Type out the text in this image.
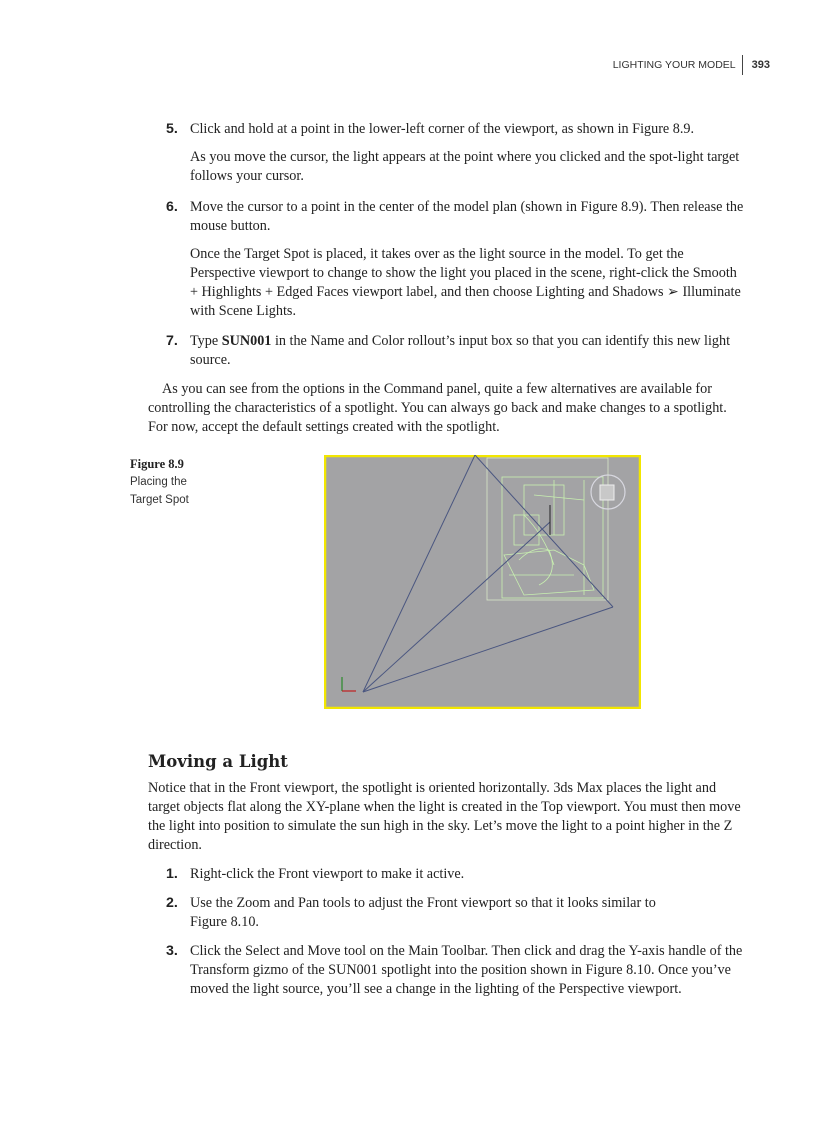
LIGHTING YOUR MODEL 393
5. Click and hold at a point in the lower-left corner of the viewport, as shown in Figure 8.9.

As you move the cursor, the light appears at the point where you clicked and the spot-light target follows your cursor.

6. Move the cursor to a point in the center of the model plan (shown in Figure 8.9). Then release the mouse button.

Once the Target Spot is placed, it takes over as the light source in the model. To get the Perspective viewport to change to show the light you placed in the scene, right-click the Smooth + Highlights + Edged Faces viewport label, and then choose Lighting and Shadows ➢ Illuminate with Scene Lights.

7. Type SUN001 in the Name and Color rollout’s input box so that you can identify this new light source.

As you can see from the options in the Command panel, quite a few alternatives are available for controlling the characteristics of a spotlight. You can always go back and make changes to a spotlight. For now, accept the default settings created with the spotlight.

Figure 8.9
Placing the
Target Spot
Moving a Light

Notice that in the Front viewport, the spotlight is oriented horizontally. 3ds Max places the light and target objects flat along the XY-plane when the light is created in the Top viewport. You must then move the light into position to simulate the sun high in the sky. Let’s move the light to a point higher in the Z direction.

1. Right-click the Front viewport to make it active.

2. Use the Zoom and Pan tools to adjust the Front viewport so that it looks similar to Figure 8.10.

3. Click the Select and Move tool on the Main Toolbar. Then click and drag the Y-axis handle of the Transform gizmo of the SUN001 spotlight into the position shown in Figure 8.10. Once you’ve moved the light source, you’ll see a change in the lighting of the Perspective viewport.
